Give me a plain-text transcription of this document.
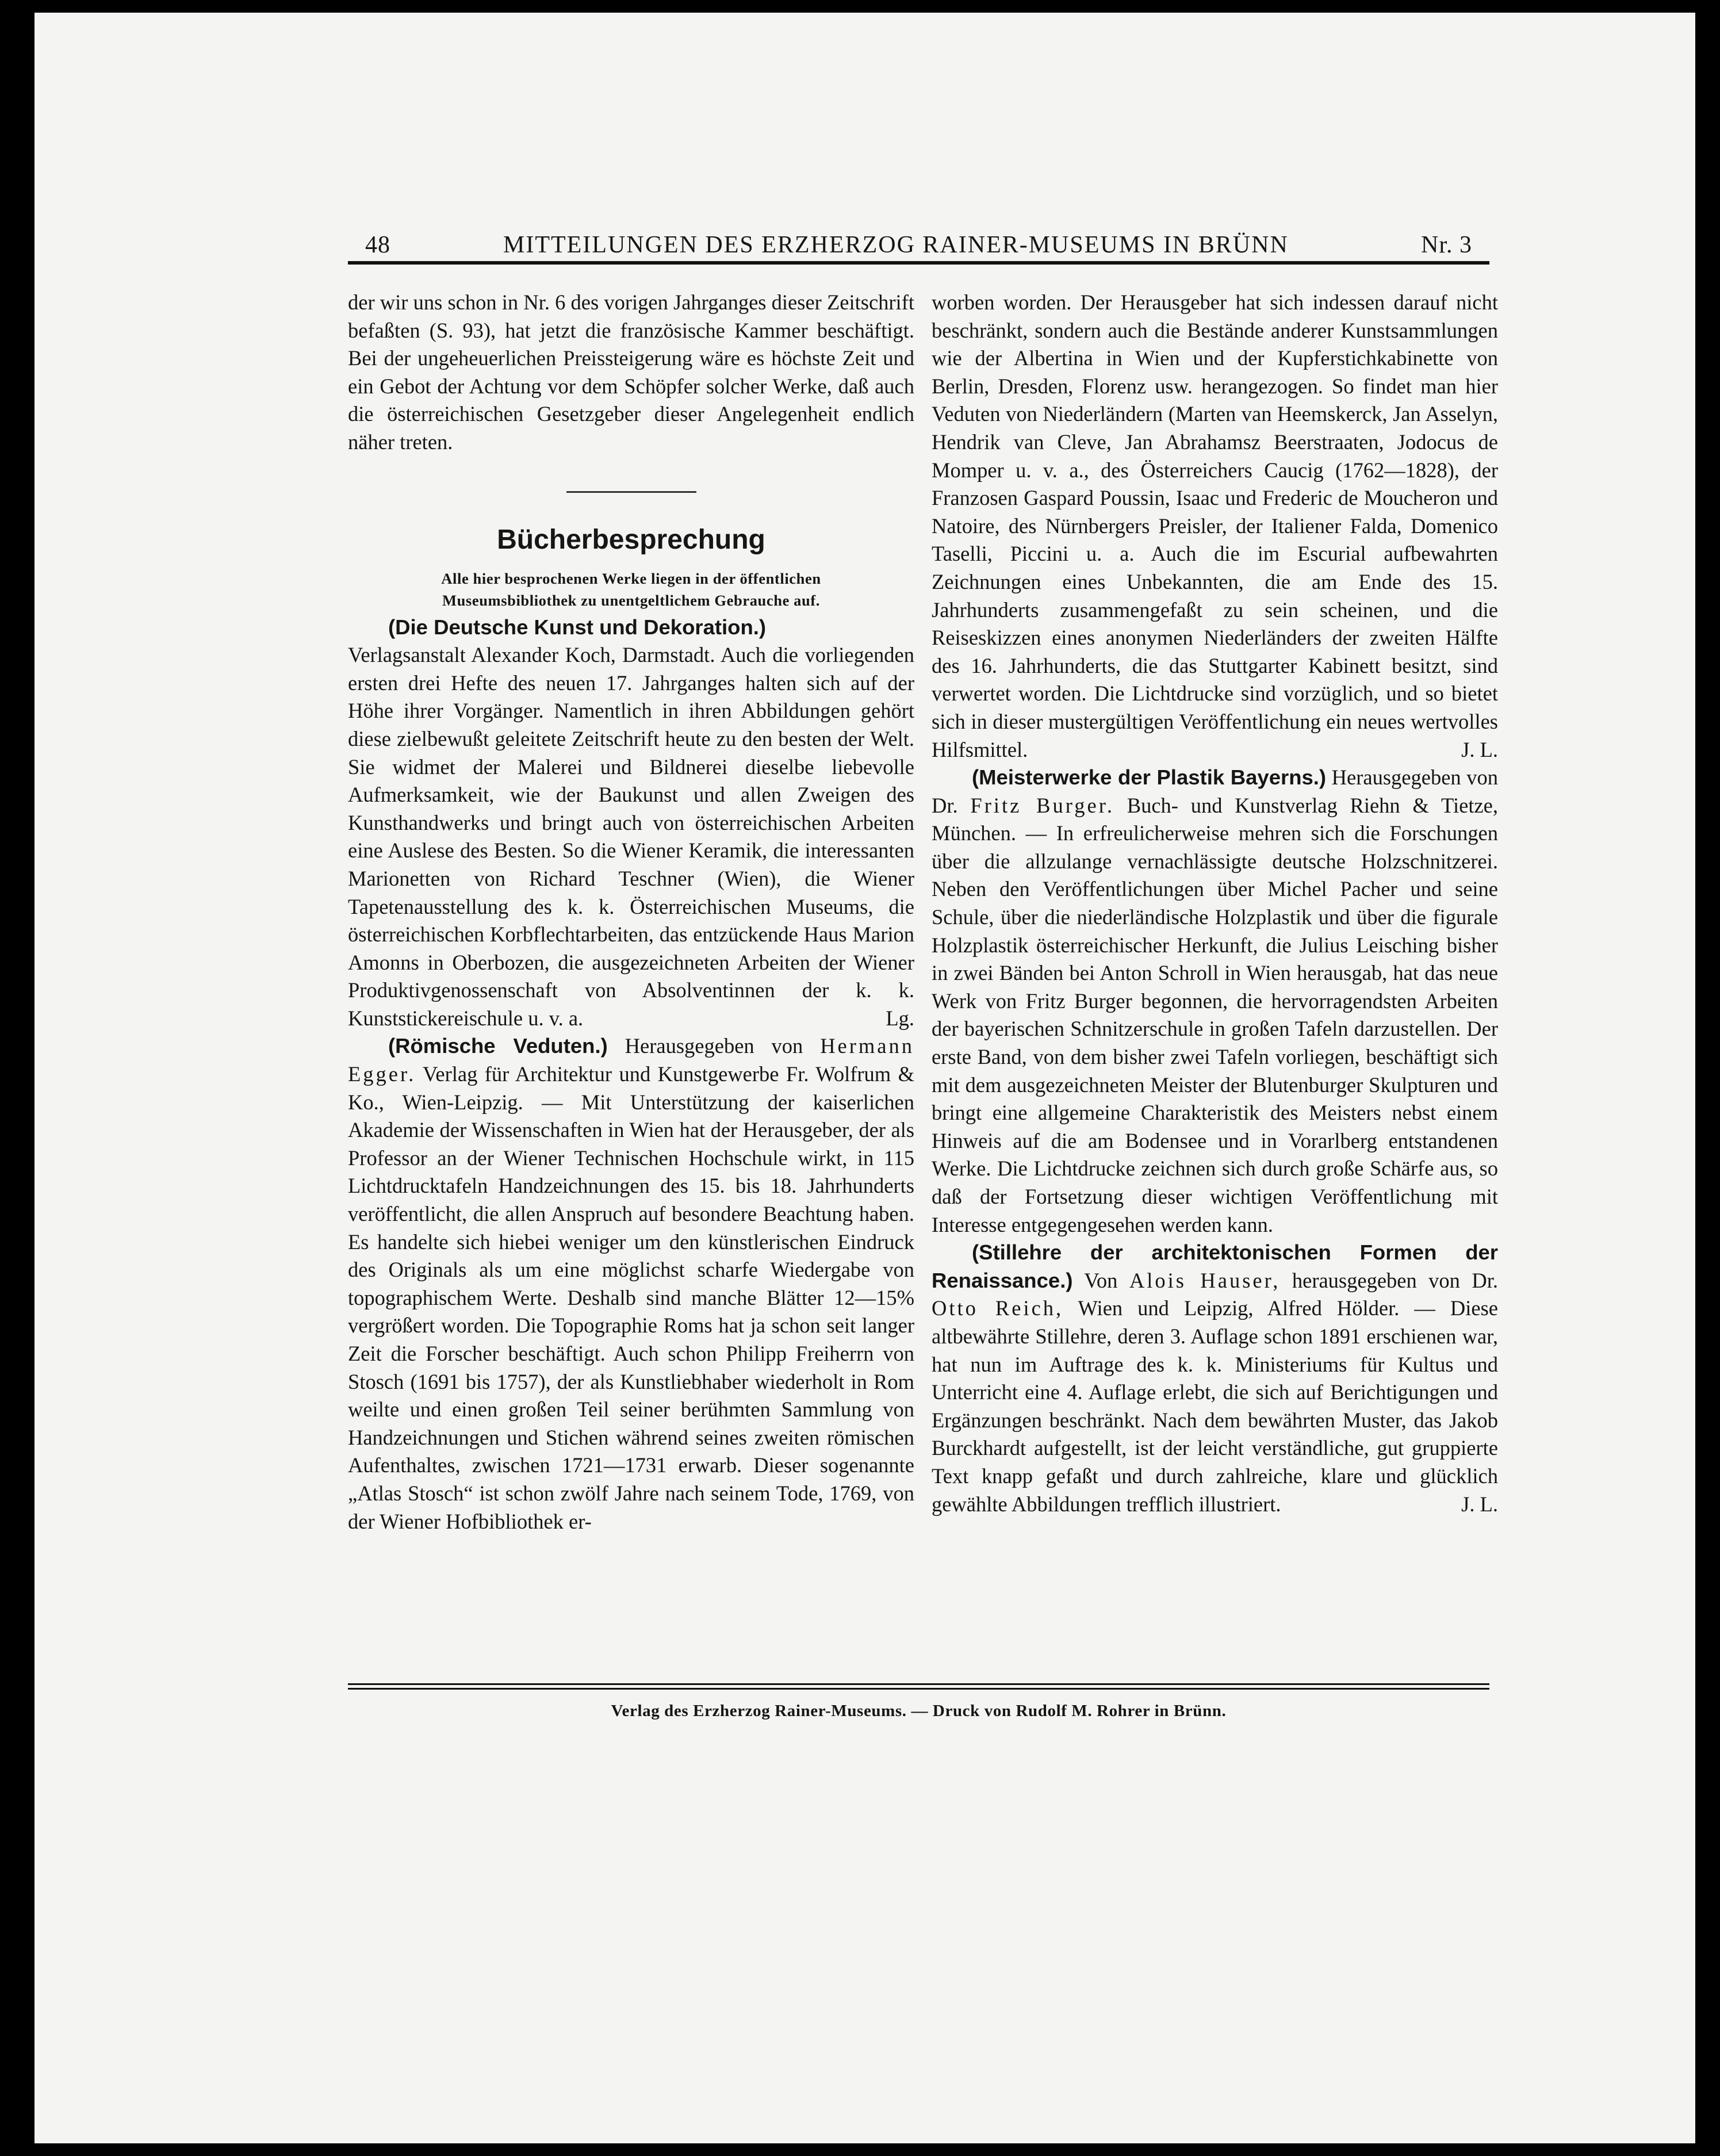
48	MITTEILUNGEN DES ERZHERZOG RAINER-MUSEUMS IN BRÜNN	Nr. 3

der wir uns schon in Nr. 6 des vorigen Jahrganges dieser Zeitschrift befaßten (S. 93), hat jetzt die französische Kammer beschäftigt. Bei der ungeheuerlichen Preissteigerung wäre es höchste Zeit und ein Gebot der Achtung vor dem Schöpfer solcher Werke, daß auch die österreichischen Gesetzgeber dieser Angelegenheit endlich näher treten.

Bücherbesprechung
Alle hier besprochenen Werke liegen in der öffentlichen
Museumsbibliothek zu unentgeltlichem Gebrauche auf.

(Die Deutsche Kunst und Dekoration.)
Verlagsanstalt Alexander Koch, Darmstadt. Auch die vorliegenden ersten drei Hefte des neuen 17. Jahrganges halten sich auf der Höhe ihrer Vorgänger. Namentlich in ihren Abbildungen gehört diese zielbewußt geleitete Zeitschrift heute zu den besten der Welt. Sie widmet der Malerei und Bildnerei dieselbe liebevolle Aufmerksamkeit, wie der Baukunst und allen Zweigen des Kunsthandwerks und bringt auch von österreichischen Arbeiten eine Auslese des Besten. So die Wiener Keramik, die interessanten Marionetten von Richard Teschner (Wien), die Wiener Tapetenausstellung des k. k. Österreichischen Museums, die österreichischen Korbflechtarbeiten, das entzückende Haus Marion Amonns in Oberbozen, die ausgezeichneten Arbeiten der Wiener Produktivgenossenschaft von Absolventinnen der k. k. Kunststickereischule u. v. a.	Lg.

(Römische Veduten.) Herausgegeben von Hermann Egger. Verlag für Architektur und Kunstgewerbe Fr. Wolfrum & Ko., Wien-Leipzig. — Mit Unterstützung der kaiserlichen Akademie der Wissenschaften in Wien hat der Herausgeber, der als Professor an der Wiener Technischen Hochschule wirkt, in 115 Lichtdrucktafeln Handzeichnungen des 15. bis 18. Jahrhunderts veröffentlicht, die allen Anspruch auf besondere Beachtung haben. Es handelte sich hiebei weniger um den künstlerischen Eindruck des Originals als um eine möglichst scharfe Wiedergabe von topographischem Werte. Deshalb sind manche Blätter 12—15% vergrößert worden. Die Topographie Roms hat ja schon seit langer Zeit die Forscher beschäftigt. Auch schon Philipp Freiherrn von Stosch (1691 bis 1757), der als Kunstliebhaber wiederholt in Rom weilte und einen großen Teil seiner berühmten Sammlung von Handzeichnungen und Stichen während seines zweiten römischen Aufenthaltes, zwischen 1721—1731 erwarb. Dieser sogenannte „Atlas Stosch“ ist schon zwölf Jahre nach seinem Tode, 1769, von der Wiener Hofbibliothek er-

worben worden. Der Herausgeber hat sich indessen darauf nicht beschränkt, sondern auch die Bestände anderer Kunstsammlungen wie der Albertina in Wien und der Kupferstichkabinette von Berlin, Dresden, Florenz usw. herangezogen. So findet man hier Veduten von Niederländern (Marten van Heemskerck, Jan Asselyn, Hendrik van Cleve, Jan Abrahamsz Beerstraaten, Jodocus de Momper u. v. a., des Österreichers Caucig (1762—1828), der Franzosen Gaspard Poussin, Isaac und Frederic de Moucheron und Natoire, des Nürnbergers Preisler, der Italiener Falda, Domenico Taselli, Piccini u. a. Auch die im Escurial aufbewahrten Zeichnungen eines Unbekannten, die am Ende des 15. Jahrhunderts zusammengefaßt zu sein scheinen, und die Reiseskizzen eines anonymen Niederländers der zweiten Hälfte des 16. Jahrhunderts, die das Stuttgarter Kabinett besitzt, sind verwertet worden. Die Lichtdrucke sind vorzüglich, und so bietet sich in dieser mustergültigen Veröffentlichung ein neues wertvolles Hilfsmittel.	J. L.

(Meisterwerke der Plastik Bayerns.) Herausgegeben von Dr. Fritz Burger. Buch- und Kunstverlag Riehn & Tietze, München. — In erfreulicherweise mehren sich die Forschungen über die allzulange vernachlässigte deutsche Holzschnitzerei. Neben den Veröffentlichungen über Michel Pacher und seine Schule, über die niederländische Holzplastik und über die figurale Holzplastik österreichischer Herkunft, die Julius Leisching bisher in zwei Bänden bei Anton Schroll in Wien herausgab, hat das neue Werk von Fritz Burger begonnen, die hervorragendsten Arbeiten der bayerischen Schnitzerschule in großen Tafeln darzustellen. Der erste Band, von dem bisher zwei Tafeln vorliegen, beschäftigt sich mit dem ausgezeichneten Meister der Blutenburger Skulpturen und bringt eine allgemeine Charakteristik des Meisters nebst einem Hinweis auf die am Bodensee und in Vorarlberg entstandenen Werke. Die Lichtdrucke zeichnen sich durch große Schärfe aus, so daß der Fortsetzung dieser wichtigen Veröffentlichung mit Interesse entgegengesehen werden kann.

(Stillehre der architektonischen Formen der Renaissance.) Von Alois Hauser, herausgegeben von Dr. Otto Reich, Wien und Leipzig, Alfred Hölder. — Diese altbewährte Stillehre, deren 3. Auflage schon 1891 erschienen war, hat nun im Auftrage des k. k. Ministeriums für Kultus und Unterricht eine 4. Auflage erlebt, die sich auf Berichtigungen und Ergänzungen beschränkt. Nach dem bewährten Muster, das Jakob Burckhardt aufgestellt, ist der leicht verständliche, gut gruppierte Text knapp gefaßt und durch zahlreiche, klare und glücklich gewählte Abbildungen trefflich illustriert.	J. L.

Verlag des Erzherzog Rainer-Museums. — Druck von Rudolf M. Rohrer in Brünn.
